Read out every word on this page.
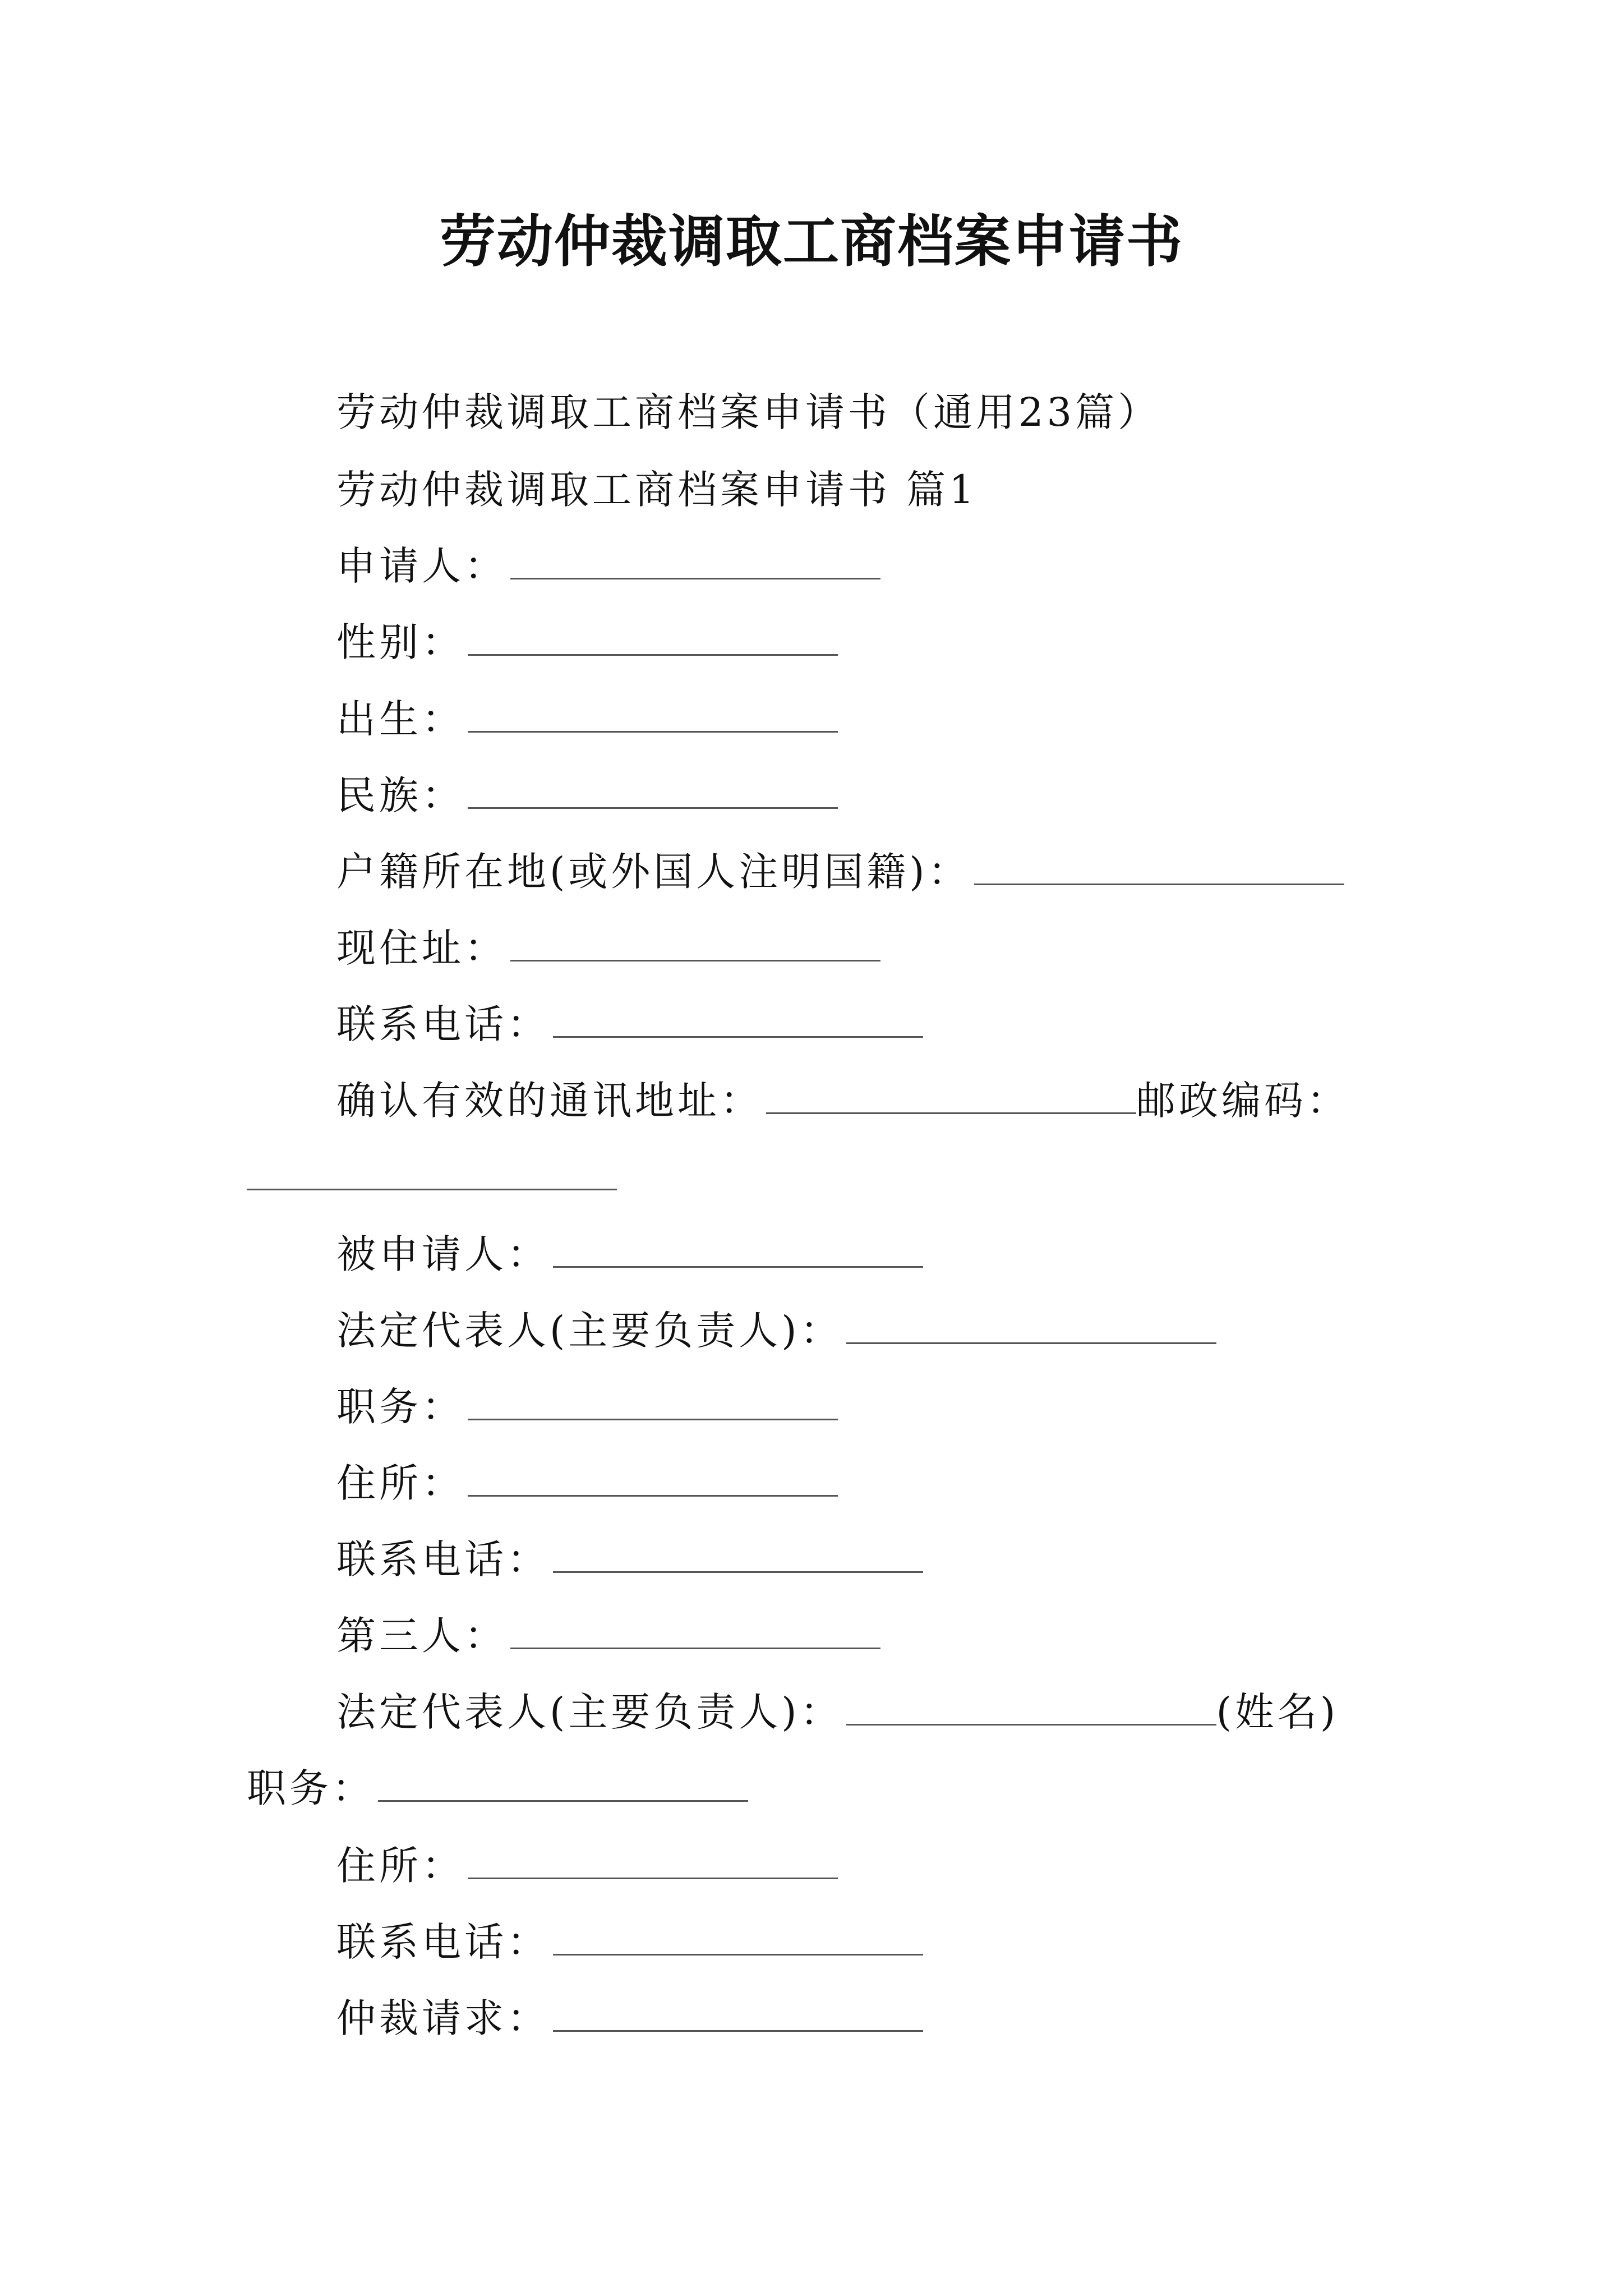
劳动仲裁调取工商档案申请书
劳动仲裁调取工商档案申请书（通用23篇）
劳动仲裁调取工商档案申请书 篇1
申请人：
性别：
出生：
民族：
户籍所在地(或外国人注明国籍)：
现住址：
联系电话：
确认有效的通讯地址：	邮政编码：
被申请人：
法定代表人(主要负责人)：
职务：
住所：
联系电话：
第三人：
法定代表人(主要负责人)：	(姓名)
职务：
住所：
联系电话：
仲裁请求：
